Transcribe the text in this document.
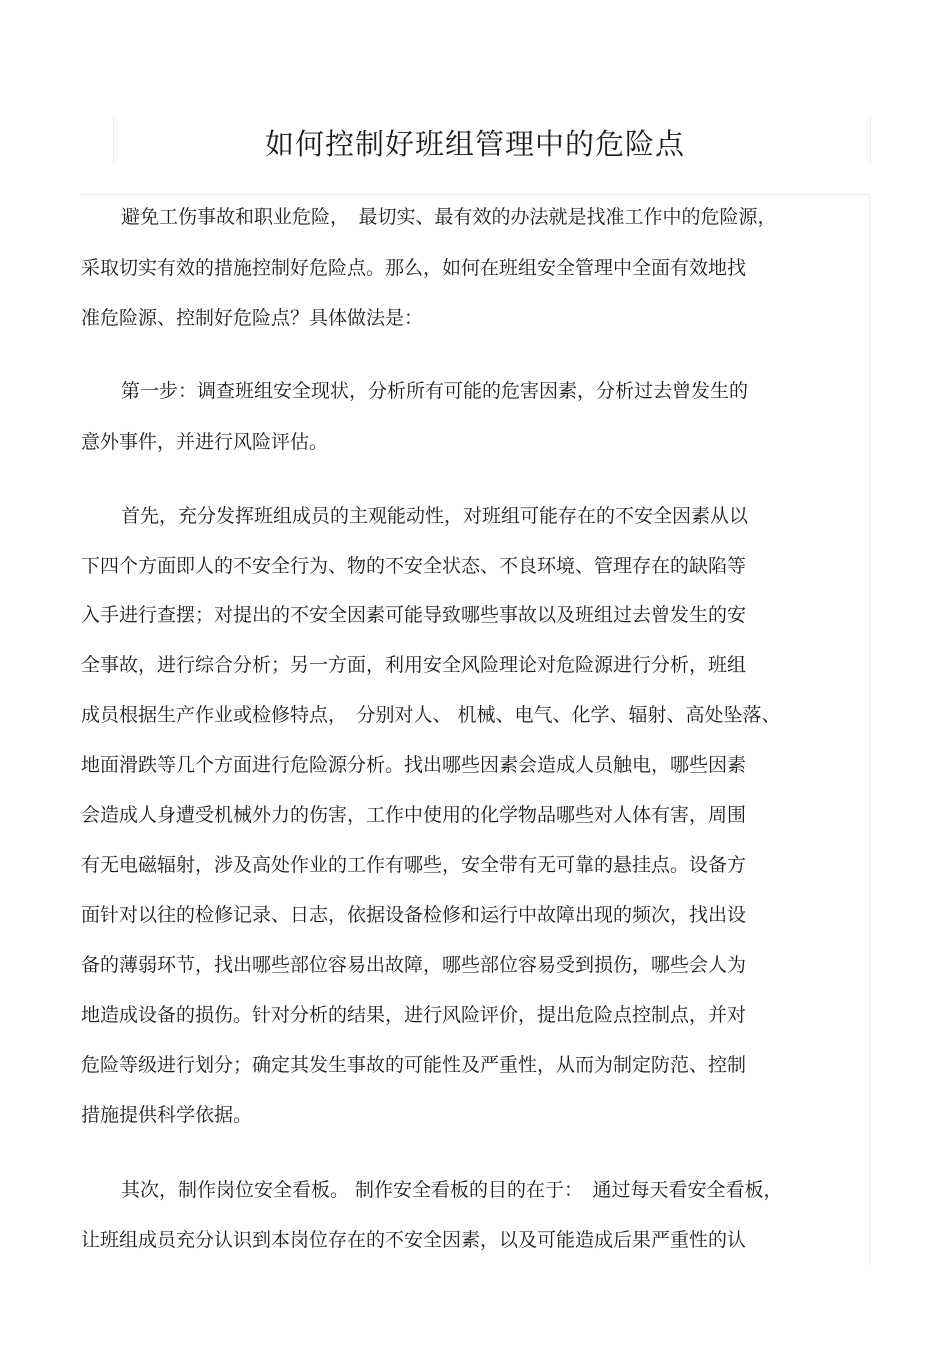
如何控制好班组管理中的危险点
避免工伤事故和职业危险，　最切实、最有效的办法就是找准工作中的危险源，
采取切实有效的措施控制好危险点。那么，如何在班组安全管理中全面有效地找
准危险源、控制好危险点？具体做法是：
第一步：调查班组安全现状，分析所有可能的危害因素，分析过去曾发生的
意外事件，并进行风险评估。
首先，充分发挥班组成员的主观能动性，对班组可能存在的不安全因素从以
下四个方面即人的不安全行为、物的不安全状态、不良环境、管理存在的缺陷等
入手进行查摆；对提出的不安全因素可能导致哪些事故以及班组过去曾发生的安
全事故，进行综合分析；另一方面，利用安全风险理论对危险源进行分析，班组
成员根据生产作业或检修特点，　分别对人、 机械、电气、化学、辐射、高处坠落、
地面滑跌等几个方面进行危险源分析。找出哪些因素会造成人员触电，哪些因素
会造成人身遭受机械外力的伤害，工作中使用的化学物品哪些对人体有害，周围
有无电磁辐射，涉及高处作业的工作有哪些，安全带有无可靠的悬挂点。设备方
面针对以往的检修记录、日志，依据设备检修和运行中故障出现的频次，找出设
备的薄弱环节，找出哪些部位容易出故障，哪些部位容易受到损伤，哪些会人为
地造成设备的损伤。针对分析的结果，进行风险评价，提出危险点控制点，并对
危险等级进行划分；确定其发生事故的可能性及严重性，从而为制定防范、控制
措施提供科学依据。
其次，制作岗位安全看板。 制作安全看板的目的在于：　通过每天看安全看板，
让班组成员充分认识到本岗位存在的不安全因素，以及可能造成后果严重性的认
